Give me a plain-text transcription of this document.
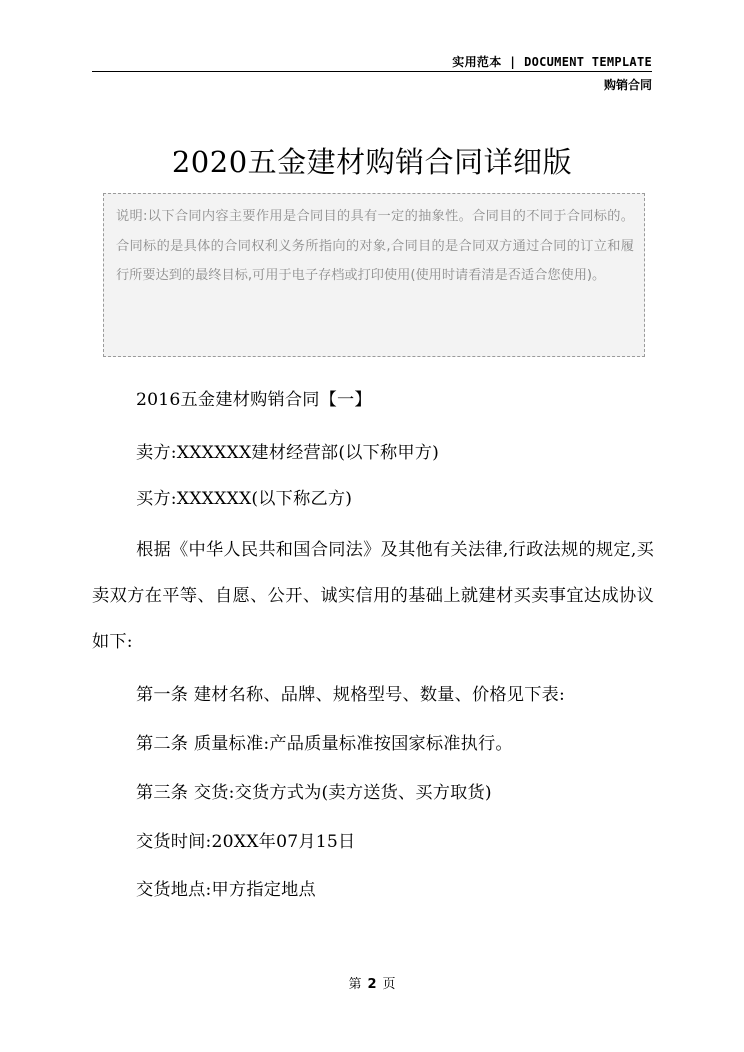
实用范本 | DOCUMENT TEMPLATE
购销合同
2020五金建材购销合同详细版
说明:以下合同内容主要作用是合同目的具有一定的抽象性。合同目的不同于合同标的。合同标的是具体的合同权利义务所指向的对象,合同目的是合同双方通过合同的订立和履行所要达到的最终目标,可用于电子存档或打印使用(使用时请看清是否适合您使用)。
2016五金建材购销合同【一】
卖方:XXXXXX建材经营部(以下称甲方)
买方:XXXXXX(以下称乙方)
根据《中华人民共和国合同法》及其他有关法律,行政法规的规定,买卖双方在平等、自愿、公开、诚实信用的基础上就建材买卖事宜达成协议如下:
第一条 建材名称、品牌、规格型号、数量、价格见下表:
第二条 质量标准:产品质量标准按国家标准执行。
第三条 交货:交货方式为(卖方送货、买方取货)
交货时间:20XX年07月15日
交货地点:甲方指定地点
第 2 页
